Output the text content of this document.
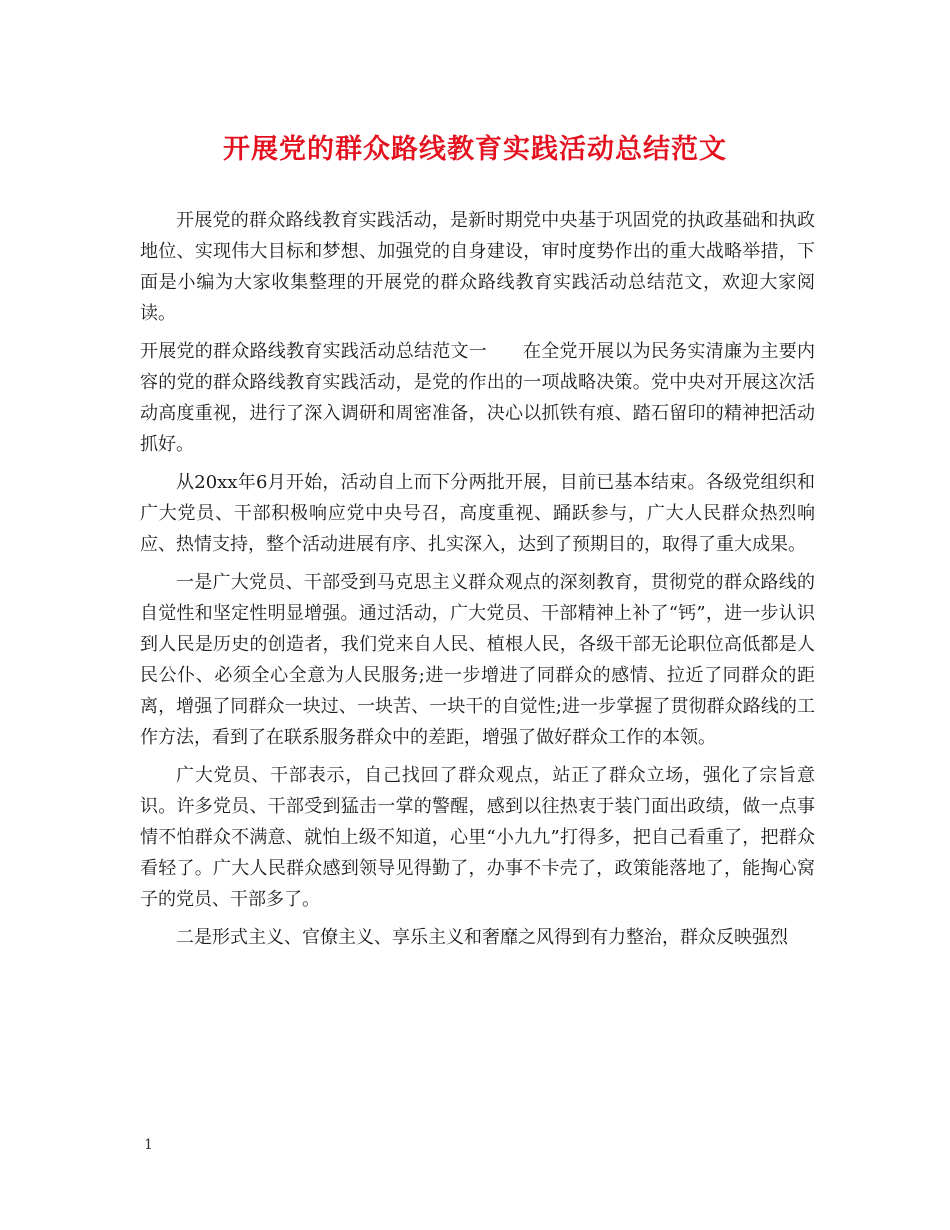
开展党的群众路线教育实践活动总结范文

开展党的群众路线教育实践活动，是新时期党中央基于巩固党的执政基础和执政地位、实现伟大目标和梦想、加强党的自身建设，审时度势作出的重大战略举措，下面是小编为大家收集整理的开展党的群众路线教育实践活动总结范文，欢迎大家阅读。

开展党的群众路线教育实践活动总结范文一 在全党开展以为民务实清廉为主要内容的党的群众路线教育实践活动，是党的作出的一项战略决策。党中央对开展这次活动高度重视，进行了深入调研和周密准备，决心以抓铁有痕、踏石留印的精神把活动抓好。

从20xx年6月开始，活动自上而下分两批开展，目前已基本结束。各级党组织和广大党员、干部积极响应党中央号召，高度重视、踊跃参与，广大人民群众热烈响应、热情支持，整个活动进展有序、扎实深入，达到了预期目的，取得了重大成果。

一是广大党员、干部受到马克思主义群众观点的深刻教育，贯彻党的群众路线的自觉性和坚定性明显增强。通过活动，广大党员、干部精神上补了“钙”，进一步认识到人民是历史的创造者，我们党来自人民、植根人民，各级干部无论职位高低都是人民公仆、必须全心全意为人民服务;进一步增进了同群众的感情、拉近了同群众的距离，增强了同群众一块过、一块苦、一块干的自觉性;进一步掌握了贯彻群众路线的工作方法，看到了在联系服务群众中的差距，增强了做好群众工作的本领。

广大党员、干部表示，自己找回了群众观点，站正了群众立场，强化了宗旨意识。许多党员、干部受到猛击一掌的警醒，感到以往热衷于装门面出政绩，做一点事情不怕群众不满意、就怕上级不知道，心里“小九九”打得多，把自己看重了，把群众看轻了。广大人民群众感到领导见得勤了，办事不卡壳了，政策能落地了，能掏心窝子的党员、干部多了。

二是形式主义、官僚主义、享乐主义和奢靡之风得到有力整治，群众反映强烈

1
